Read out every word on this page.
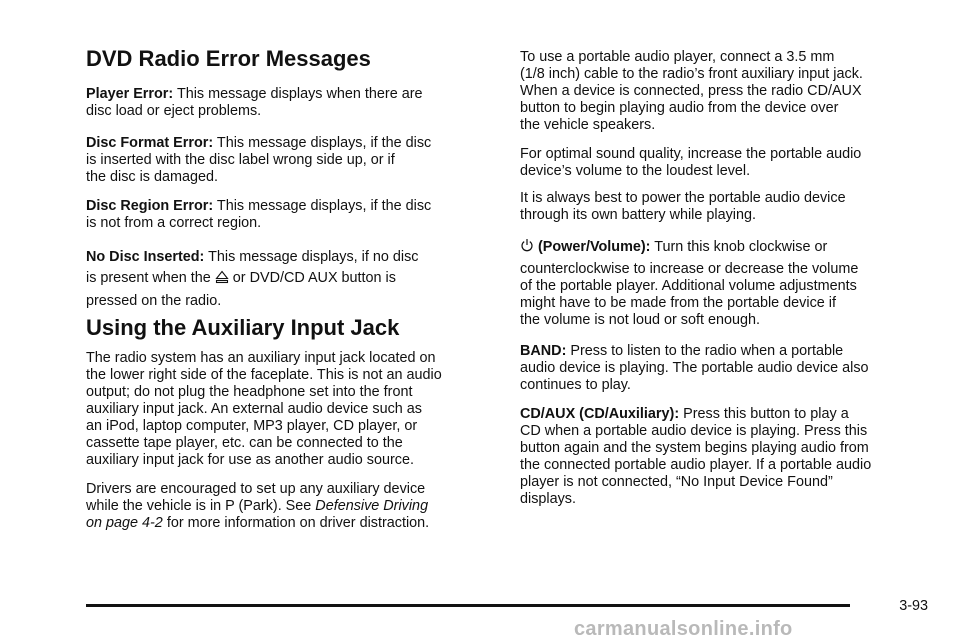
DVD Radio Error Messages

Player Error: This message displays when there are
disc load or eject problems.

Disc Format Error: This message displays, if the disc
is inserted with the disc label wrong side up, or if
the disc is damaged.

Disc Region Error: This message displays, if the disc
is not from a correct region.

No Disc Inserted: This message displays, if no disc
is present when the or DVD/CD AUX button is
pressed on the radio.

Using the Auxiliary Input Jack

The radio system has an auxiliary input jack located on
the lower right side of the faceplate. This is not an audio
output; do not plug the headphone set into the front
auxiliary input jack. An external audio device such as
an iPod, laptop computer, MP3 player, CD player, or
cassette tape player, etc. can be connected to the
auxiliary input jack for use as another audio source.

Drivers are encouraged to set up any auxiliary device
while the vehicle is in P (Park). See Defensive Driving
on page 4-2 for more information on driver distraction.

To use a portable audio player, connect a 3.5 mm
(1/8 inch) cable to the radio’s front auxiliary input jack.
When a device is connected, press the radio CD/AUX
button to begin playing audio from the device over
the vehicle speakers.

For optimal sound quality, increase the portable audio
device’s volume to the loudest level.

It is always best to power the portable audio device
through its own battery while playing.

(Power/Volume): Turn this knob clockwise or
counterclockwise to increase or decrease the volume
of the portable player. Additional volume adjustments
might have to be made from the portable device if
the volume is not loud or soft enough.

BAND: Press to listen to the radio when a portable
audio device is playing. The portable audio device also
continues to play.

CD/AUX (CD/Auxiliary): Press this button to play a
CD when a portable audio device is playing. Press this
button again and the system begins playing audio from
the connected portable audio player. If a portable audio
player is not connected, “No Input Device Found”
displays.

3-93
carmanualsonline.info
